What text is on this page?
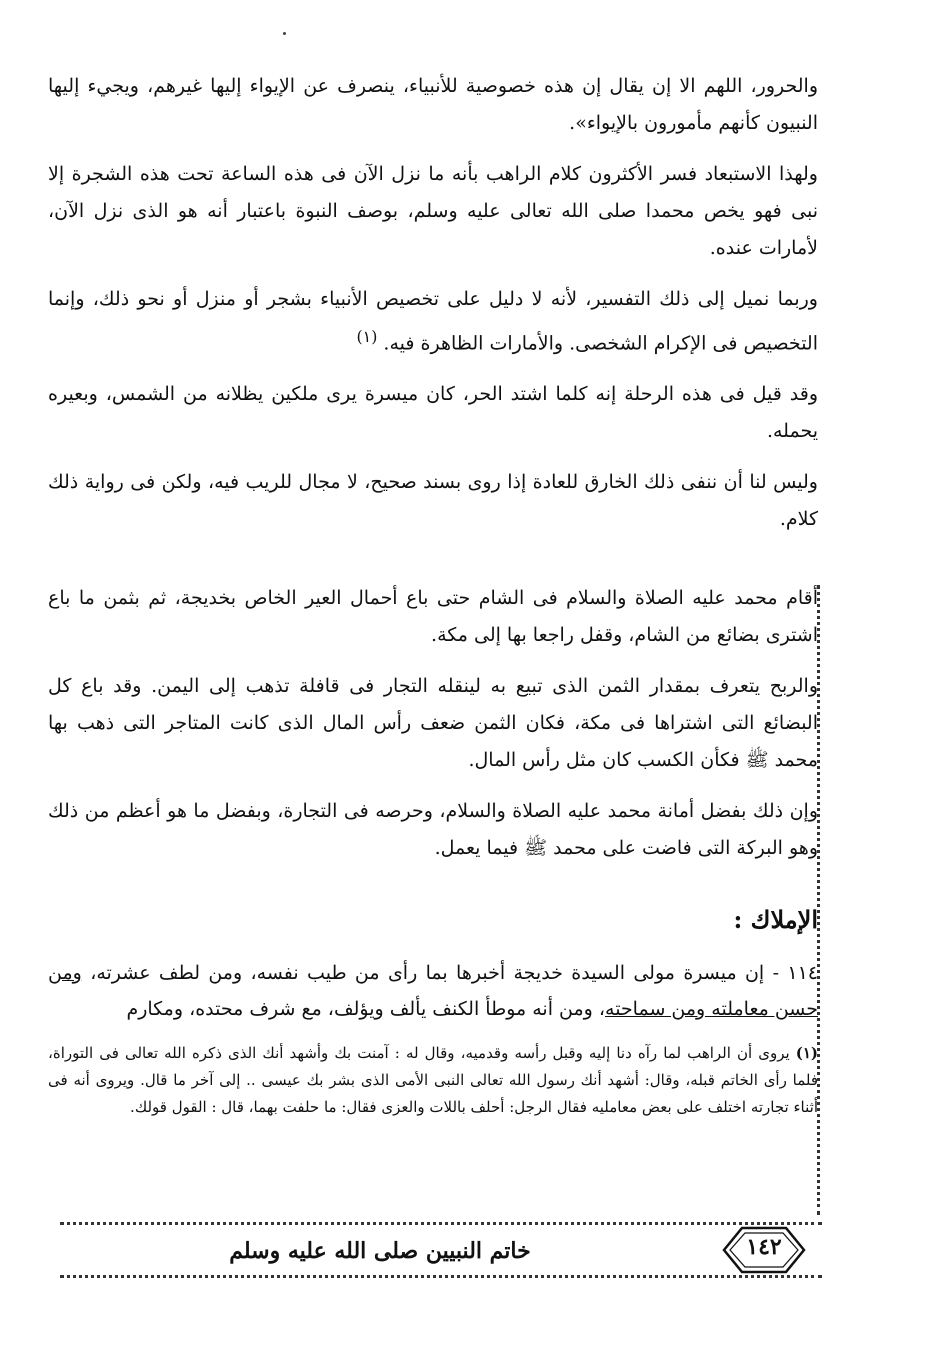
والحرور، اللهم الا إن يقال إن هذه خصوصية للأنبياء، ينصرف عن الإيواء إليها غيرهم، ويجيء إليها النبيون كأنهم مأمورون بالإيواء».

ولهذا الاستبعاد فسر الأكثرون كلام الراهب بأنه ما نزل الآن فى هذه الساعة تحت هذه الشجرة إلا نبى فهو يخص محمدا صلى الله تعالى عليه وسلم، بوصف النبوة باعتبار أنه هو الذى نزل الآن، لأمارات عنده.

وربما نميل إلى ذلك التفسير، لأنه لا دليل على تخصيص الأنبياء بشجر أو منزل أو نحو ذلك، وإنما التخصيص فى الإكرام الشخصى. والأمارات الظاهرة فيه. $^{(١)}$

وقد قيل فى هذه الرحلة إنه كلما اشتد الحر، كان ميسرة يرى ملكين يظلانه من الشمس، وبعيره يحمله.

وليس لنا أن ننفى ذلك الخارق للعادة إذا روى بسند صحيح، لا مجال للريب فيه، ولكن فى رواية ذلك كلام.

أقام محمد عليه الصلاة والسلام فى الشام حتى باع أحمال العير الخاص بخديجة، ثم بثمن ما باع اشترى بضائع من الشام، وقفل راجعا بها إلى مكة.

والربح يتعرف بمقدار الثمن الذى تبيع به لينقله التجار فى قافلة تذهب إلى اليمن. وقد باع كل البضائع التى اشتراها فى مكة، فكان الثمن ضعف رأس المال الذى كانت المتاجر التى ذهب بها محمد ﷺ فكأن الكسب كان مثل رأس المال.

وإن ذلك بفضل أمانة محمد عليه الصلاة والسلام، وحرصه فى التجارة، وبفضل ما هو أعظم من ذلك وهو البركة التى فاضت على محمد ﷺ فيما يعمل.

الإملاك :
١١٤ - إن ميسرة مولى السيدة خديجة أخبرها بما رأى من طيب نفسه، ومن لطف عشرته، ومن حسن معاملته ومن سماحته، ومن أنه موطأ الكنف يألف ويؤلف، مع شرف محتده، ومكارم
(١)يروى أن الراهب لما رآه دنا إليه وقبل رأسه وقدميه، وقال له : آمنت بك وأشهد أنك الذى ذكره الله تعالى فى التوراة، فلما رأى الخاتم قبله، وقال: أشهد أنك رسول الله تعالى النبى الأمى الذى بشر بك عيسى .. إلى آخر ما قال. ويروى أنه فى أثناء تجارته اختلف على بعض معامليه فقال الرجل: أحلف باللات والعزى فقال: ما حلفت بهما، قال : القول قولك.
خاتم النبيين صلى الله عليه وسلم	١٤٢
